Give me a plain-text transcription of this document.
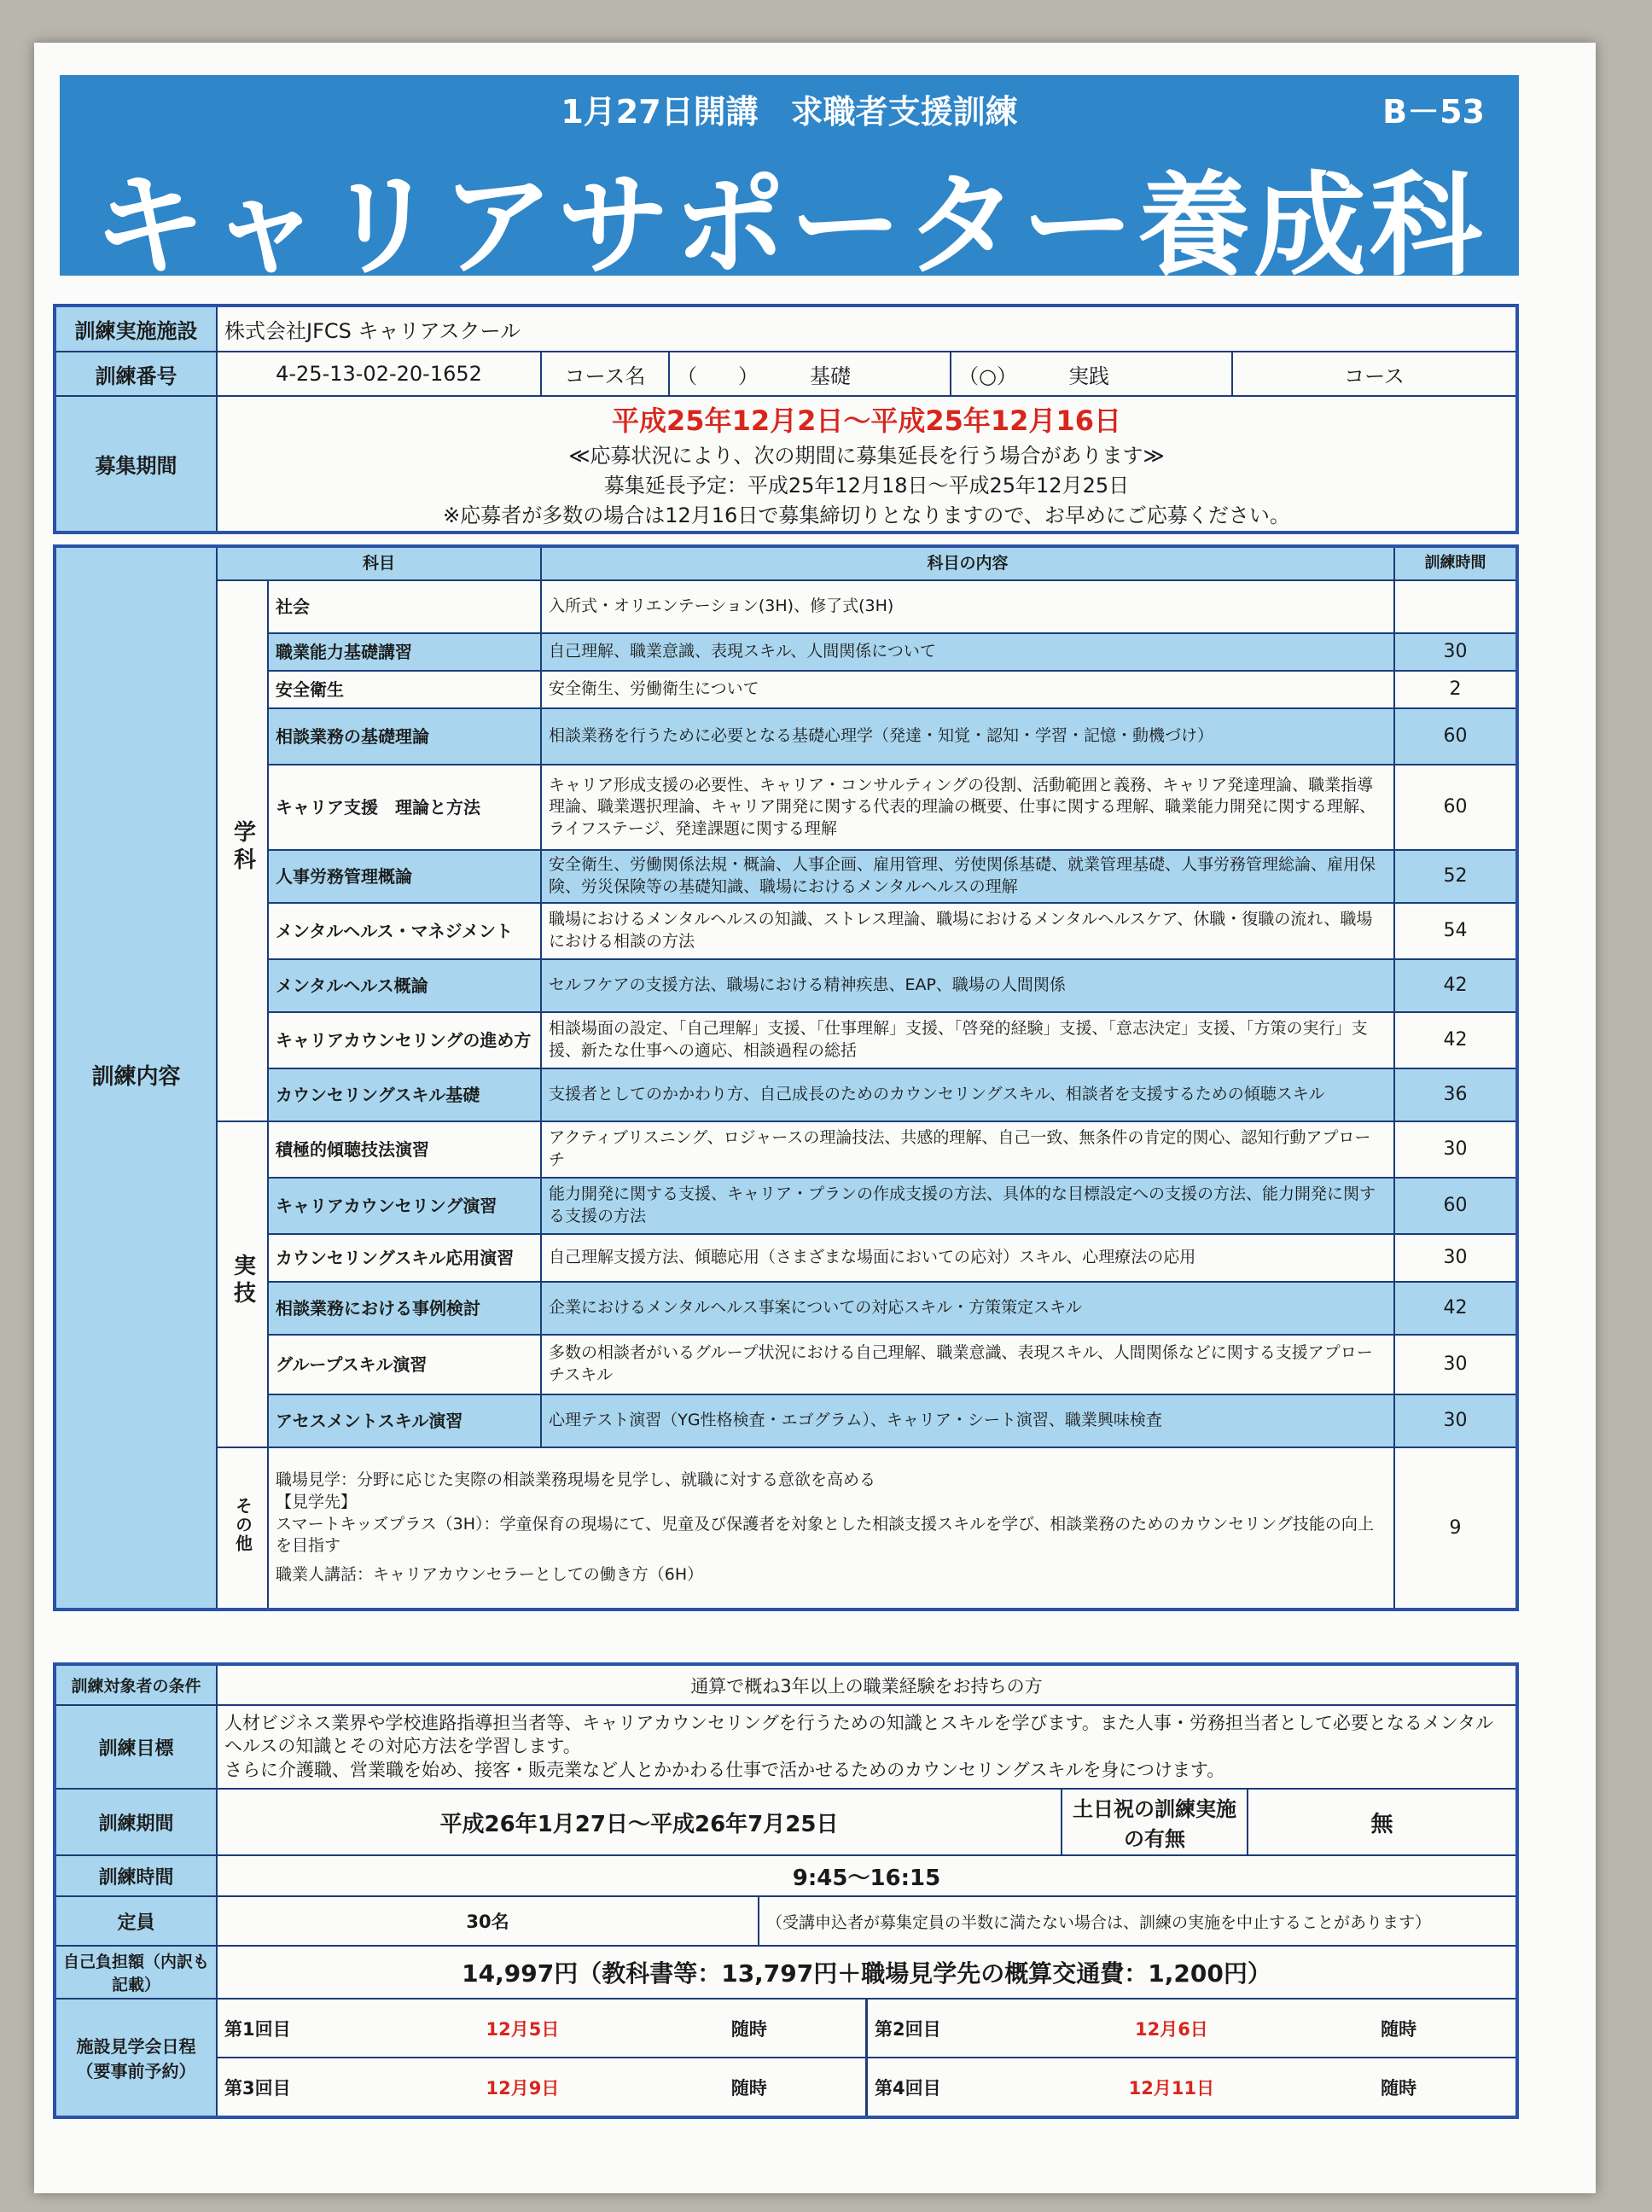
1月27日開講　求職者支援訓練	B－53
キャリアサポーター養成科
訓練実施施設	株式会社JFCS キャリアスクール				
訓練番号	4-25-13-02-20-1652	コース名	（　　）　　　基礎	（○）　　　実践	コース
募集期間	平成25年12月2日～平成25年12月16日
≪応募状況により、次の期間に募集延長を行う場合があります≫
募集延長予定：平成25年12月18日～平成25年12月25日
※応募者が多数の場合は12月16日で募集締切りとなりますので、お早めにご応募ください。				
訓練内容	科目		科目の内容	訓練時間
	学科	社会	入所式・オリエンテーション(3H)、修了式(3H)	
		職業能力基礎講習	自己理解、職業意識、表現スキル、人間関係について	30
		安全衛生	安全衛生、労働衛生について	2
		相談業務の基礎理論	相談業務を行うために必要となる基礎心理学（発達・知覚・認知・学習・記憶・動機づけ）	60
		キャリア支援　理論と方法	キャリア形成支援の必要性、キャリア・コンサルティングの役割、活動範囲と義務、キャリア発達理論、職業指導理論、職業選択理論、キャリア開発に関する代表的理論の概要、仕事に関する理解、職業能力開発に関する理解、ライフステージ、発達課題に関する理解	60
		人事労務管理概論	安全衛生、労働関係法規・概論、人事企画、雇用管理、労使関係基礎、就業管理基礎、人事労務管理総論、雇用保険、労災保険等の基礎知識、職場におけるメンタルヘルスの理解	52
		メンタルヘルス・マネジメント	職場におけるメンタルヘルスの知識、ストレス理論、職場におけるメンタルヘルスケア、休職・復職の流れ、職場における相談の方法	54
		メンタルヘルス概論	セルフケアの支援方法、職場における精神疾患、EAP、職場の人間関係	42
		キャリアカウンセリングの進め方	相談場面の設定、「自己理解」支援、「仕事理解」支援、「啓発的経験」支援、「意志決定」支援、「方策の実行」支援、新たな仕事への適応、相談過程の総括	42
		カウンセリングスキル基礎	支援者としてのかかわり方、自己成長のためのカウンセリングスキル、相談者を支援するための傾聴スキル	36
	実技	積極的傾聴技法演習	アクティブリスニング、ロジャースの理論技法、共感的理解、自己一致、無条件の肯定的関心、認知行動アプローチ	30
		キャリアカウンセリング演習	能力開発に関する支援、キャリア・プランの作成支援の方法、具体的な目標設定への支援の方法、能力開発に関する支援の方法	60
		カウンセリングスキル応用演習	自己理解支援方法、傾聴応用（さまざまな場面においての応対）スキル、心理療法の応用	30
		相談業務における事例検討	企業におけるメンタルヘルス事案についての対応スキル・方策策定スキル	42
		グループスキル演習	多数の相談者がいるグループ状況における自己理解、職業意識、表現スキル、人間関係などに関する支援アプローチスキル	30
		アセスメントスキル演習	心理テスト演習（YG性格検査・エゴグラム）、キャリア・シート演習、職業興味検査	30
	その他	職場見学：分野に応じた実際の相談業務現場を見学し、就職に対する意欲を高める
【見学先】
スマートキッズプラス（3H）：学童保育の現場にて、児童及び保護者を対象とした相談支援スキルを学び、相談業務のためのカウンセリング技能の向上を目指す
職業人講話：キャリアカウンセラーとしての働き方（6H）		9
訓練対象者の条件	通算で概ね3年以上の職業経験をお持ちの方
訓練目標	
人材ビジネス業界や学校進路指導担当者等、キャリアカウンセリングを行うための知識とスキルを学びます。また人事・労務担当者として必要となるメンタルヘルスの知識とその対応方法を学習します。
さらに介護職、営業職を始め、接客・販売業など人とかかわる仕事で活かせるためのカウンセリングスキルを身につけます。

訓練期間	平成26年1月27日～平成26年7月25日	土日祝の訓練実施の有無	無
訓練時間	9:45～16:15
定員	30名	（受講申込者が募集定員の半数に満たない場合は、訓練の実施を中止することがあります）
自己負担額（内訳も記載）	14,997円（教科書等：13,797円＋職場見学先の概算交通費：1,200円）
施設見学会日程（要事前予約）	
第1回目	12月5日	随時	第2回目	12月6日	随時
第3回目	12月9日	随時	第4回目	12月11日	随時
